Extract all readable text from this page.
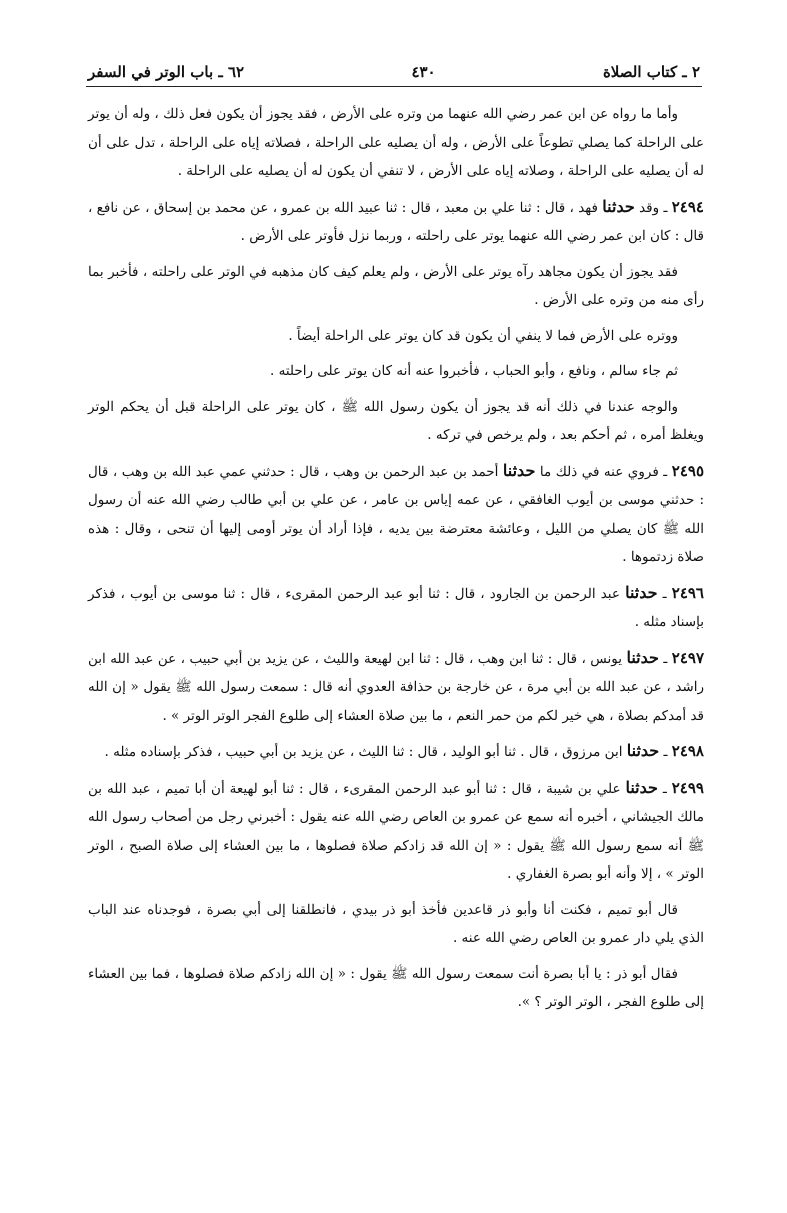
٢ ـ كتاب الصلاة
٤٣٠
٦٢ ـ باب الوتر في السفر

وأما ما رواه عن ابن عمر رضي الله عنهما من وتره على الأرض ، فقد يجوز أن يكون فعل ذلك ، وله أن يوتر على الراحلة كما يصلي تطوعاً على الأرض ، وله أن يصليه على الراحلة ، فصلاته إياه على الراحلة ، تدل على أن له أن يصليه على الراحلة ، وصلاته إياه على الأرض ، لا تنفي أن يكون له أن يصليه على الراحلة .

٢٤٩٤ ـ وقد حدثنا فهد ، قال : ثنا علي بن معبد ، قال : ثنا عبيد الله بن عمرو ، عن محمد بن إسحاق ، عن نافع ، قال : كان ابن عمر رضي الله عنهما يوتر على راحلته ، وربما نزل فأوتر على الأرض .

فقد يجوز أن يكون مجاهد رآه يوتر على الأرض ، ولم يعلم كيف كان مذهبه في الوتر على راحلته ، فأخبر بما رأى منه من وتره على الأرض .

ووتره على الأرض فما لا ينفي أن يكون قد كان يوتر على الراحلة أيضاً .

ثم جاء سالم ، ونافع ، وأبو الحباب ، فأخبروا عنه أنه كان يوتر على راحلته .

والوجه عندنا في ذلك أنه قد يجوز أن يكون رسول الله ﷺ ، كان يوتر على الراحلة قبل أن يحكم الوتر ويغلظ أمره ، ثم أحكم بعد ، ولم يرخص في تركه .

٢٤٩٥ ـ فروي عنه في ذلك ما حدثنا أحمد بن عبد الرحمن بن وهب ، قال : حدثني عمي عبد الله بن وهب ، قال : حدثني موسى بن أيوب الغافقي ، عن عمه إياس بن عامر ، عن علي بن أبي طالب رضي الله عنه أن رسول الله ﷺ كان يصلي من الليل ، وعائشة معترضة بين يديه ، فإذا أراد أن يوتر أومى إليها أن تنحى ، وقال : هذه صلاة زدتموها .

٢٤٩٦ ـ حدثنا عبد الرحمن بن الجارود ، قال : ثنا أبو عبد الرحمن المقرىء ، قال : ثنا موسى بن أيوب ، فذكر بإسناد مثله .

٢٤٩٧ ـ حدثنا يونس ، قال : ثنا ابن وهب ، قال : ثنا ابن لهيعة والليث ، عن يزيد بن أبي حبيب ، عن عبد الله ابن راشد ، عن عبد الله بن أبي مرة ، عن خارجة بن حذافة العدوي أنه قال : سمعت رسول الله ﷺ يقول « إن الله قد أمدكم بصلاة ، هي خير لكم من حمر النعم ، ما بين صلاة العشاء إلى طلوع الفجر الوتر الوتر » .

٢٤٩٨ ـ حدثنا ابن مرزوق ، قال . ثنا أبو الوليد ، قال : ثنا الليث ، عن يزيد بن أبي حبيب ، فذكر بإسناده مثله .

٢٤٩٩ ـ حدثنا علي بن شيبة ، قال : ثنا أبو عبد الرحمن المقرىء ، قال : ثنا أبو لهيعة أن أبا تميم ، عبد الله بن مالك الجيشاني ، أخبره أنه سمع عن عمرو بن العاص رضي الله عنه يقول : أخبرني رجل من أصحاب رسول الله ﷺ أنه سمع رسول الله ﷺ يقول : « إن الله قد زادكم صلاة فصلوها ، ما بين العشاء إلى صلاة الصبح ، الوتر الوتر » ، إلا وأنه أبو بصرة الغفاري .

قال أبو تميم ، فكنت أنا وأبو ذر قاعدين فأخذ أبو ذر بيدي ، فانطلقنا إلى أبي بصرة ، فوجدناه عند الباب الذي يلي دار عمرو بن العاص رضي الله عنه .

فقال أبو ذر : يا أبا بصرة أنت سمعت رسول الله ﷺ يقول : « إن الله زادكم صلاة فصلوها ، فما بين العشاء إلى طلوع الفجر ، الوتر الوتر ؟ ».
